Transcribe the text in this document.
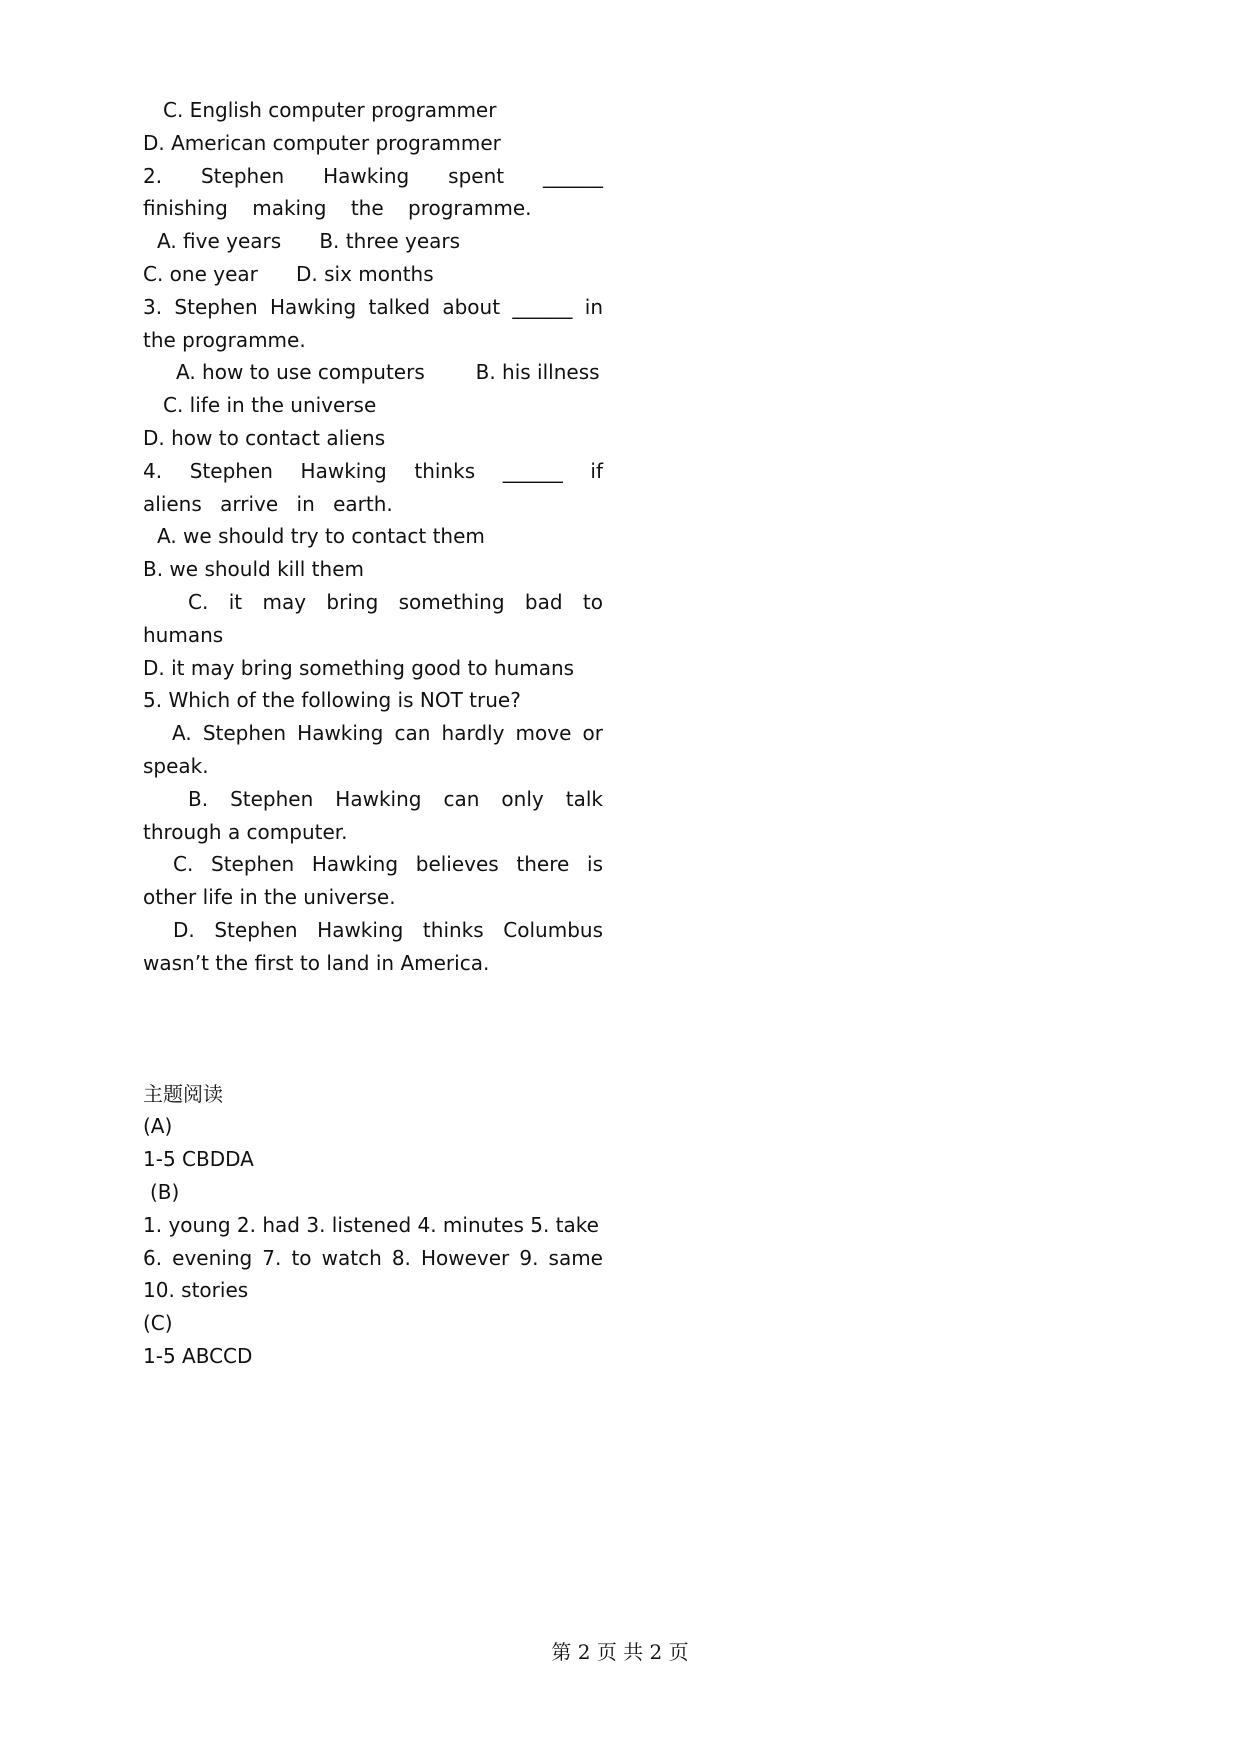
C. English computer programmer
D. American computer programmer
2. Stephen Hawking spent ______ finishing making the programme.
A. five years      B. three years
C. one year      D. six months
3. Stephen Hawking talked about ______ in the programme.
A. how to use computers        B. his illness
C. life in the universe
D. how to contact aliens
4. Stephen Hawking thinks ______ if aliens arrive in earth.
A. we should try to contact them
B. we should kill them
C. it may bring something bad to humans
D. it may bring something good to humans
5. Which of the following is NOT true?
A. Stephen Hawking can hardly move or speak.
B. Stephen Hawking can only talk through a computer.
C. Stephen Hawking believes there is other life in the universe.
D. Stephen Hawking thinks Columbus wasn’t the first to land in America.
主题阅读
(A)
1-5 CBDDA
(B)
1. young 2. had 3. listened 4. minutes 5. take
6. evening 7. to watch 8. However 9. same 10. stories
(C)
1-5 ABCCD
第 2 页 共 2 页
